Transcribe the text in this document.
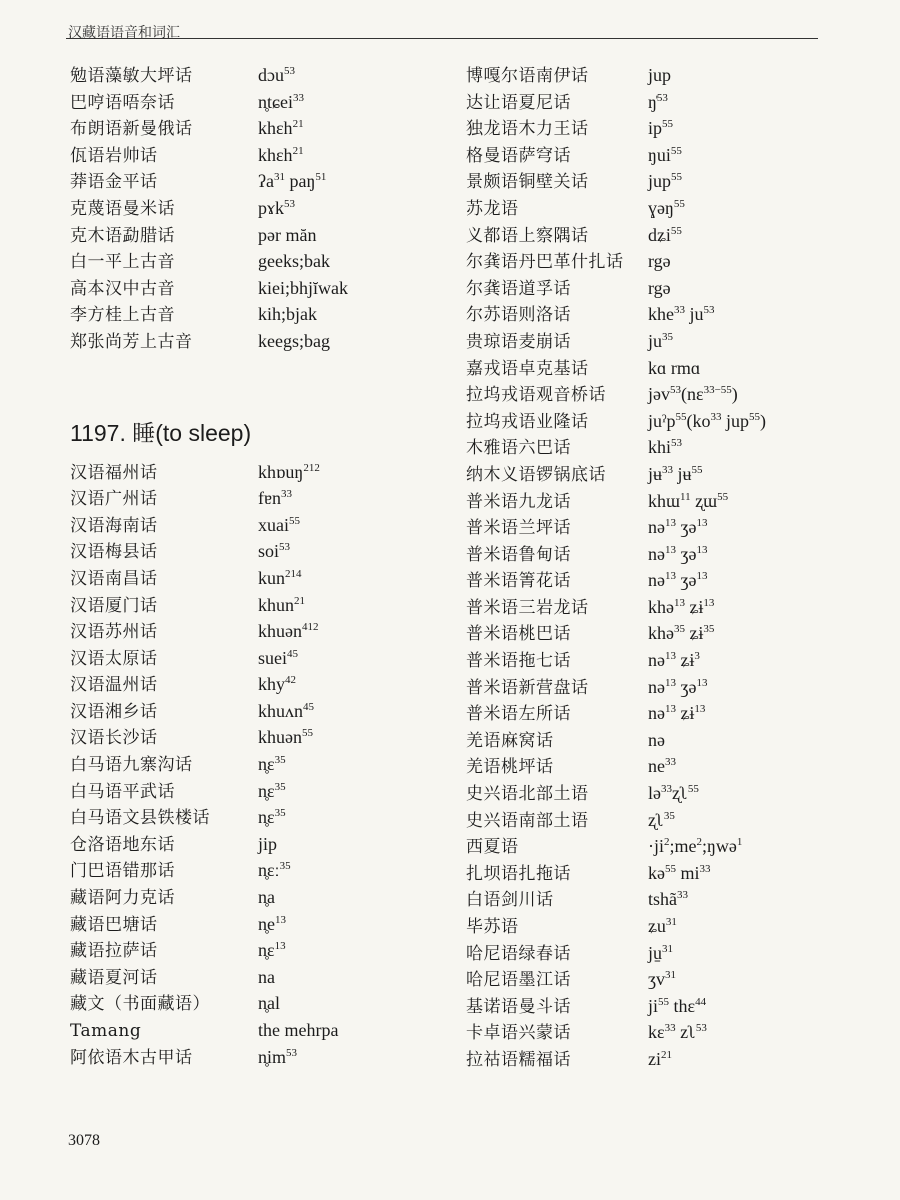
汉藏语语音和词汇
勉语藻敏大坪话	dɔu$^{53}$
巴哼语唔奈话	n̥tɕei$^{33}$
布朗语新曼俄话	khɛh$^{21}$
佤语岩帅话	khɛh$^{21}$
莽语金平话	ʔa$^{31}$ paŋ$^{51}$
克蔑语曼米话	pɤk$^{53}$
克木语勐腊话	pər măn
白一平上古音	geeks;bak
高本汉中古音	kiei;bhjĭwak
李方桂上古音	kih;bjak
郑张尚芳上古音	keegs;bag
1197. 睡(to sleep)
汉语福州话	khɒuŋ$^{212}$
汉语广州话	fɐn$^{33}$
汉语海南话	xuai$^{55}$
汉语梅县话	soi$^{53}$
汉语南昌话	kun$^{214}$
汉语厦门话	khun$^{21}$
汉语苏州话	khuən$^{412}$
汉语太原话	suei$^{45}$
汉语温州话	khy$^{42}$
汉语湘乡话	khuʌn$^{45}$
汉语长沙话	khuən$^{55}$
白马语九寨沟话	n̥ɛ$^{35}$
白马语平武话	n̥ɛ$^{35}$
白马语文县铁楼话	n̥ɛ$^{35}$
仓洛语地东话	jip
门巴语错那话	n̥ɛː$^{35}$
藏语阿力克话	n̥a
藏语巴塘话	$n̥e^{13}$
藏语拉萨话	n̥ɛ$^{13}$
藏语夏河话	na
藏文（书面藏语）	n̥al
Tamang	the mehrpa
阿依语木古甲话	$n̥im^{53}$
博嘎尔语南伊话	jup
达让语夏尼话	ŋ̍$^{53}$
独龙语木力王话	$ip^{55}$
格曼语萨穹话	ŋui$^{55}$
景颇语铜壁关话	jup$^{55}$
苏龙语	ɣəŋ$^{55}$
义都语上察隅话	dʑi$^{55}$
尔龚语丹巴革什扎话	rgə
尔龚语道孚话	rgə
尔苏语则洛话	khe$^{33}$ $ju^{53}$
贵琼语麦崩话	$ju^{35}$
嘉戎语卓克基话	kɑ rmɑ
拉坞戎语观音桥话	jəv$^{53}$(nɛ$^{33-55}$)
拉坞戎语业隆话	$juˀp^{55}(ko^{33}$ jup$^{55}$)
木雅语六巴话	khi$^{53}$
纳木义语锣锅底话	jʉ$^{33}$ jʉ$^{55}$
普米语九龙话	khɯ$^{11}$ ʐɯ$^{55}$
普米语兰坪话	nə$^{13}$ ʒə$^{13}$
普米语鲁甸话	nə$^{13}$ ʒə$^{13}$
普米语箐花话	nə$^{13}$ ʒə$^{13}$
普米语三岩龙话	khə$^{13}$ ʑɨ$^{13}$
普米语桃巴话	khə$^{35}$ ʑɨ$^{35}$
普米语拖七话	nə$^{13}$ ʑɨ$^3$
普米语新营盘话	nə$^{13}$ ʒə$^{13}$
普米语左所话	nə$^{13}$ ʑɨ$^{13}$
羌语麻窝话	nə
羌语桃坪话	$ne^{33}$
史兴语北部土语	lə$^{33}$ʐʅ$^{55}$
史兴语南部土语	ʐʅ$^{35}$
西夏语	$\cdot ji^2;me^2;ŋwə^1$
扎坝语扎拖话	kə$^{55}$ $mi^{33}$
白语剑川话	tshã$^{33}$
毕苏语	ʑu$^{31}$
哈尼语绿春话	ju̠$^{31}$
哈尼语墨江话	ʒv$^{31}$
基诺语曼斗话	$ji^{55}$ thɛ$^{44}$
卡卓语兴蒙话	kɛ$^{33}$ zʅ$^{53}$
拉祜语糯福话	$zi^{21}$
3078
